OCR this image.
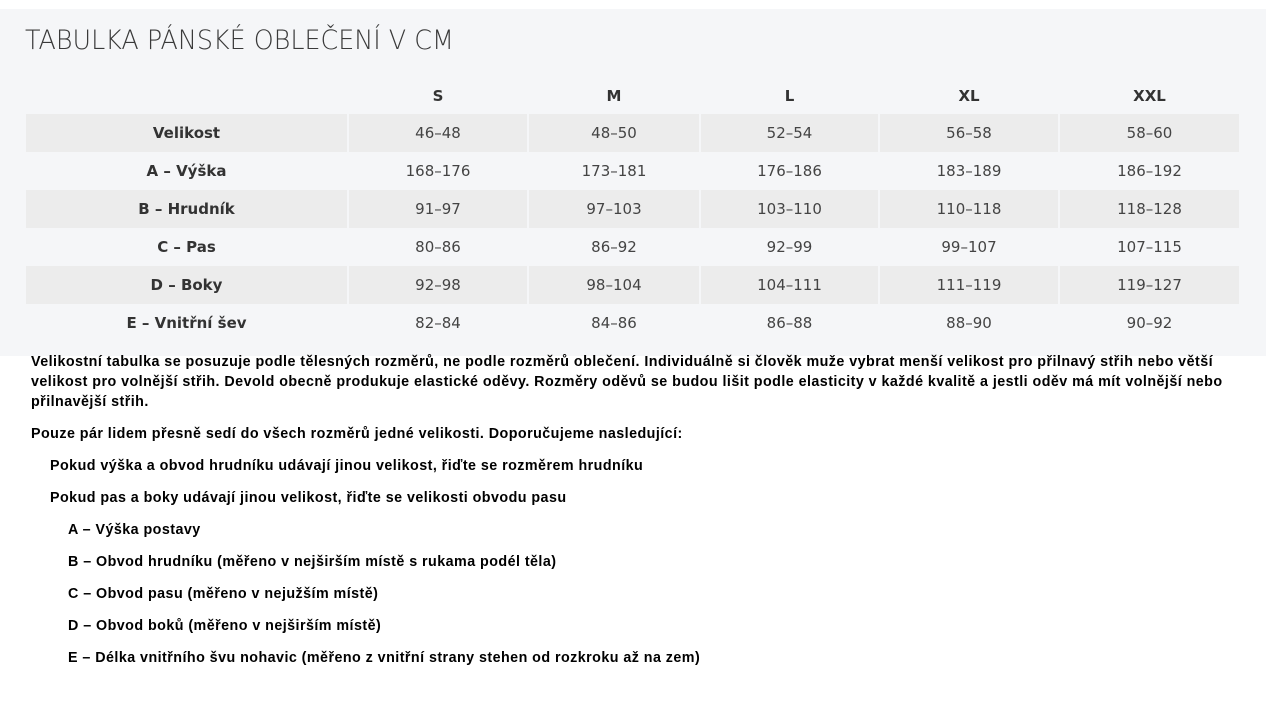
TABULKA PÁNSKÉ OBLEČENÍ V CM
	S	M	L	XL	XXL
Velikost	46–48	48–50	52–54	56–58	58–60
A – Výška	168–176	173–181	176–186	183–189	186–192
B – Hrudník	91–97	97–103	103–110	110–118	118–128
C – Pas	80–86	86–92	92–99	99–107	107–115
D – Boky	92–98	98–104	104–111	111–119	119–127
E – Vnitřní šev	82–84	84–86	86–88	88–90	90–92

Velikostní tabulka se posuzuje podle tělesných rozměrů, ne podle rozměrů oblečení. Individuálně si člověk muže vybrat menší velikost pro přilnavý střih nebo větší velikost pro volnější střih. Devold obecně produkuje elastické oděvy. Rozměry oděvů se budou lišit podle elasticity v každé kvalitě a jestli oděv má mít volnější nebo přilnavější střih.

Pouze pár lidem přesně sedí do všech rozměrů jedné velikosti. Doporučujeme nasledující:

Pokud výška a obvod hrudníku udávají jinou velikost, řiďte se rozměrem hrudníku

Pokud pas a boky udávají jinou velikost, řiďte se velikosti obvodu pasu

A – Výška postavy

B – Obvod hrudníku (měřeno v nejširším místě s rukama podél těla)

C – Obvod pasu (měřeno v nejužším místě)

D – Obvod boků (měřeno v nejširším místě)

E – Délka vnitřního švu nohavic (měřeno z vnitřní strany stehen od rozkroku až na zem)
